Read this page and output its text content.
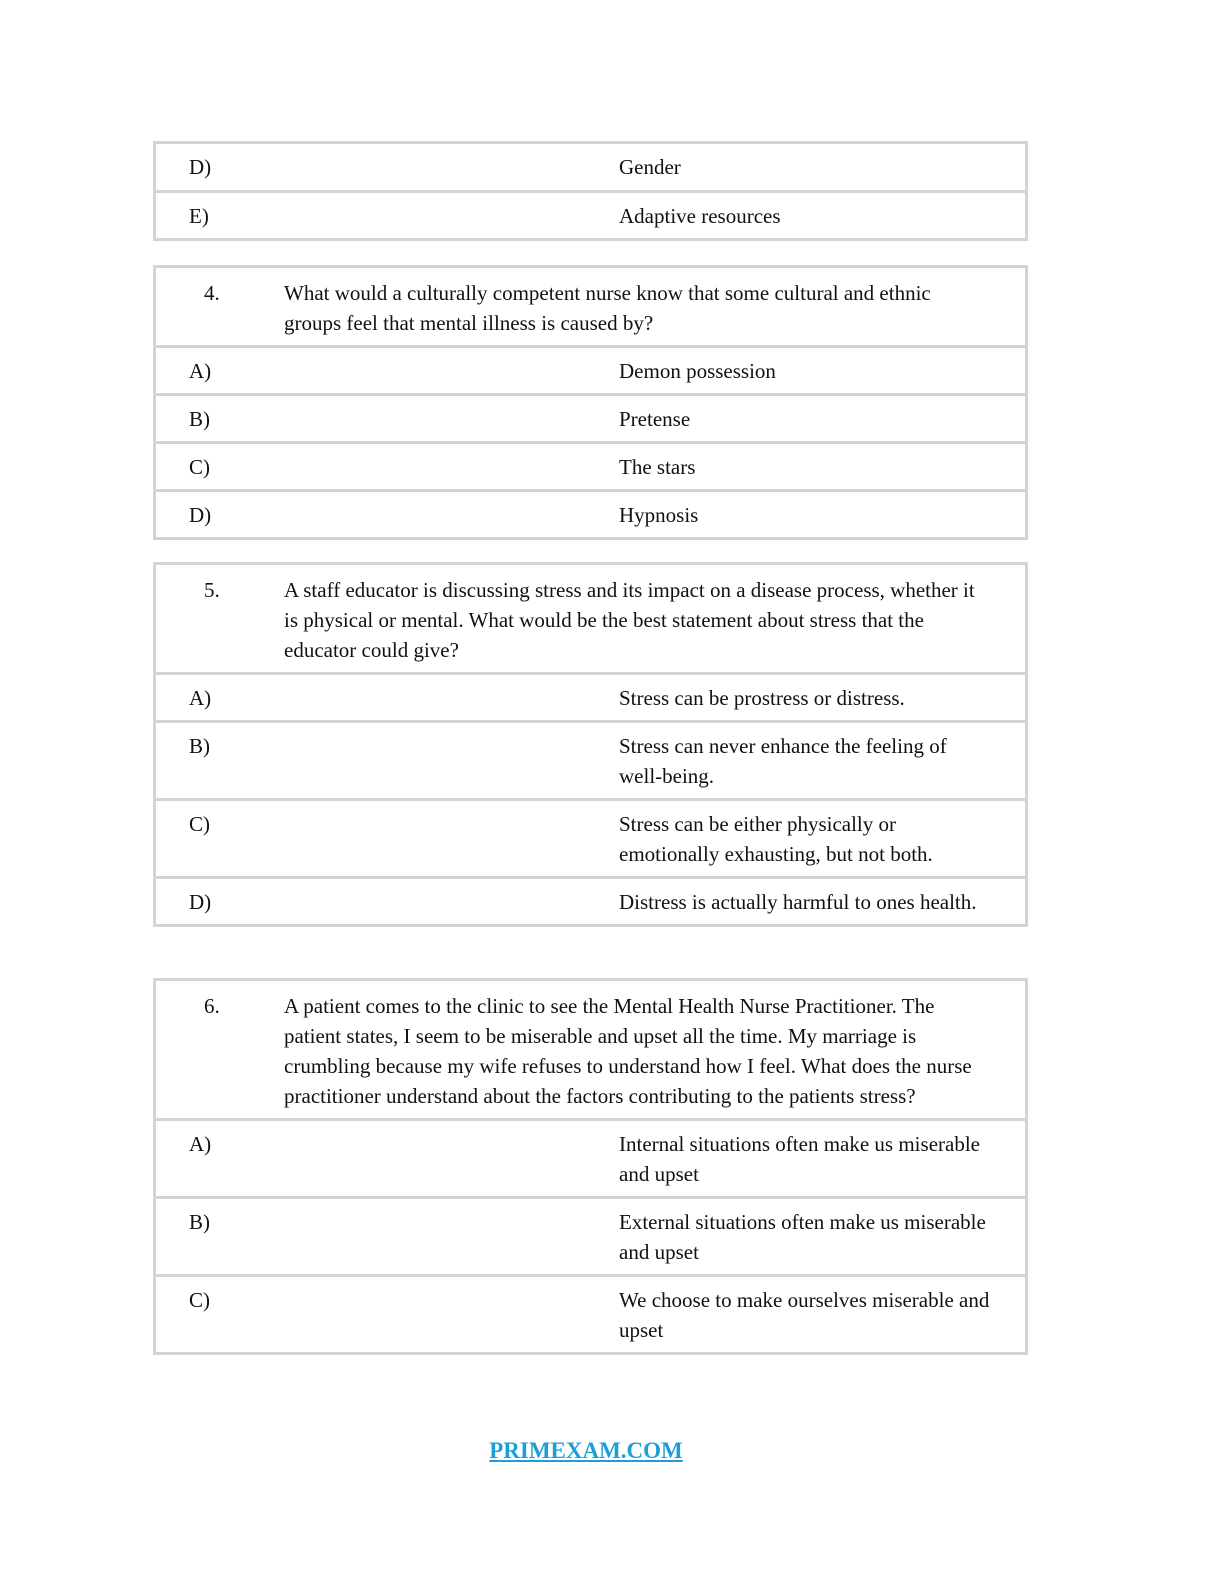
D)	Gender
E)	Adaptive resources
4.	What would a culturally competent nurse know that some cultural and ethnic groups feel that mental illness is caused by?
A)	Demon possession
B)	Pretense
C)	The stars
D)	Hypnosis
5.	A staff educator is discussing stress and its impact on a disease process, whether it is physical or mental. What would be the best statement about stress that the educator could give?
A)	Stress can be prostress or distress.
B)	Stress can never enhance the feeling of well-being.
C)	Stress can be either physically or emotionally exhausting, but not both.
D)	Distress is actually harmful to ones health.
6.	A patient comes to the clinic to see the Mental Health Nurse Practitioner. The patient states, I seem to be miserable and upset all the time. My marriage is crumbling because my wife refuses to understand how I feel. What does the nurse practitioner understand about the factors contributing to the patients stress?
A)	Internal situations often make us miserable and upset
B)	External situations often make us miserable and upset
C)	We choose to make ourselves miserable and upset
PRIMEXAM.COM
